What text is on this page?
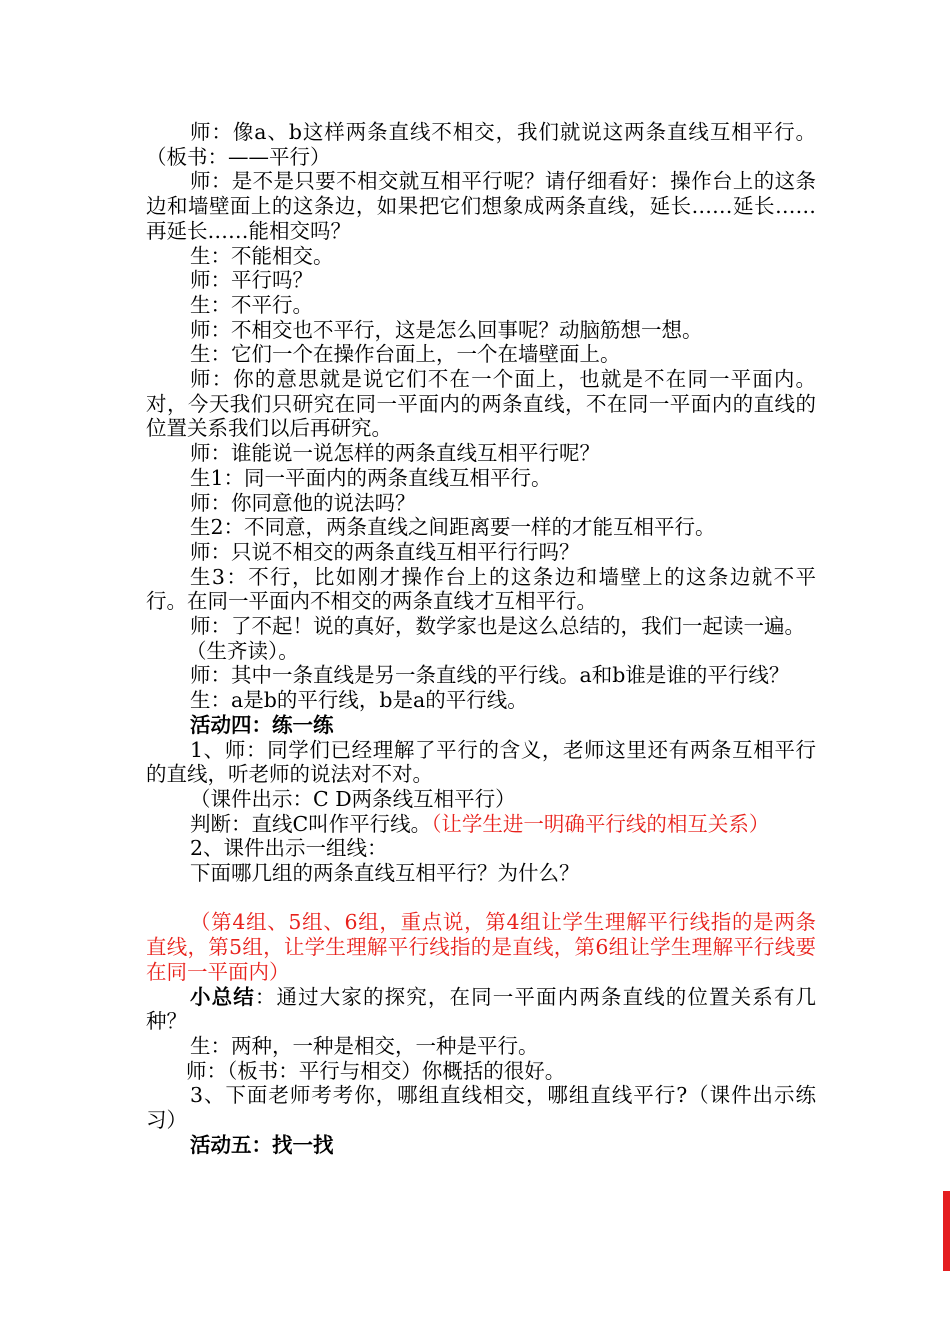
师：像a、b这样两条直线不相交，我们就说这两条直线互相平行。（板书：——平行）

师：是不是只要不相交就互相平行呢？请仔细看好：操作台上的这条边和墙壁面上的这条边，如果把它们想象成两条直线，延长……延长……再延长……能相交吗？

生：不能相交。

师：平行吗？

生：不平行。

师：不相交也不平行，这是怎么回事呢？动脑筋想一想。

生：它们一个在操作台面上，一个在墙壁面上。

师：你的意思就是说它们不在一个面上，也就是不在同一平面内。对，今天我们只研究在同一平面内的两条直线，不在同一平面内的直线的位置关系我们以后再研究。

师：谁能说一说怎样的两条直线互相平行呢？

生1：同一平面内的两条直线互相平行。

师：你同意他的说法吗？

生2：不同意，两条直线之间距离要一样的才能互相平行。

师：只说不相交的两条直线互相平行行吗？

生3：不行，比如刚才操作台上的这条边和墙壁上的这条边就不平行。在同一平面内不相交的两条直线才互相平行。

师：了不起！说的真好，数学家也是这么总结的，我们一起读一遍。

（生齐读）。

师：其中一条直线是另一条直线的平行线。a和b谁是谁的平行线？

生：a是b的平行线，b是a的平行线。

活动四：练一练

1、师：同学们已经理解了平行的含义，老师这里还有两条互相平行的直线，听老师的说法对不对。

（课件出示：C D两条线互相平行）

判断：直线C叫作平行线。（让学生进一明确平行线的相互关系）

2、课件出示一组线：

下面哪几组的两条直线互相平行？为什么？

（第4组、5组、6组，重点说，第4组让学生理解平行线指的是两条直线，第5组，让学生理解平行线指的是直线，第6组让学生理解平行线要在同一平面内）

小总结：通过大家的探究，在同一平面内两条直线的位置关系有几种？

生：两种，一种是相交，一种是平行。

师：（板书：平行与相交）你概括的很好。

3、下面老师考考你，哪组直线相交，哪组直线平行?（课件出示练习）

活动五：找一找
